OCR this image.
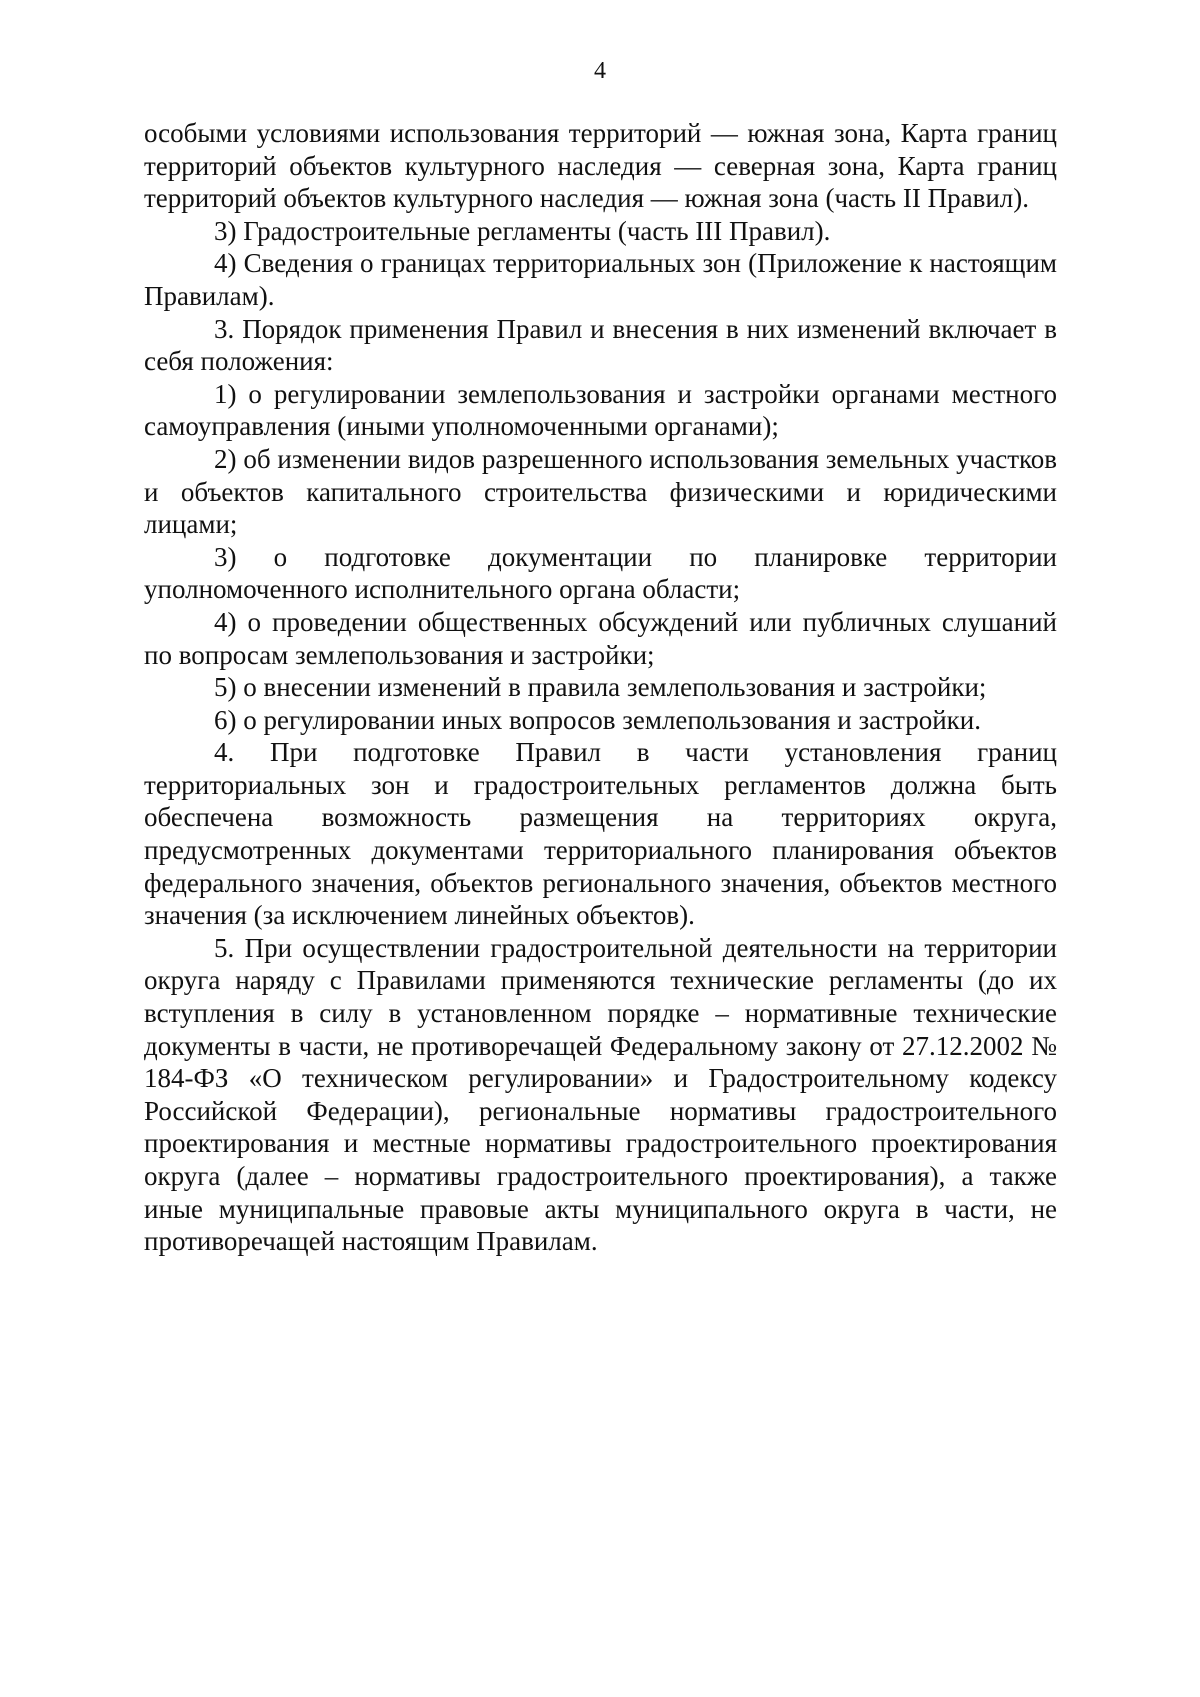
4

особыми условиями использования территорий — южная зона, Карта границ территорий объектов культурного наследия — северная зона, Карта границ территорий объектов культурного наследия — южная зона (часть II Правил).

3) Градостроительные регламенты (часть III Правил).

4) Сведения о границах территориальных зон (Приложение к настоящим Правилам).

3. Порядок применения Правил и внесения в них изменений включает в себя положения:

1) о регулировании землепользования и застройки органами местного самоуправления (иными уполномоченными органами);

2) об изменении видов разрешенного использования земельных участков и объектов капитального строительства физическими и юридическими лицами;

3) о подготовке документации по планировке территории уполномоченного исполнительного органа области;

4) о проведении общественных обсуждений или публичных слушаний по вопросам землепользования и застройки;

5) о внесении изменений в правила землепользования и застройки;

6) о регулировании иных вопросов землепользования и застройки.

4. При подготовке Правил в части установления границ территориальных зон и градостроительных регламентов должна быть обеспечена возможность размещения на территориях округа, предусмотренных документами территориального планирования объектов федерального значения, объектов регионального значения, объектов местного значения (за исключением линейных объектов).

5. При осуществлении градостроительной деятельности на территории округа наряду с Правилами применяются технические регламенты (до их вступления в силу в установленном порядке – нормативные технические документы в части, не противоречащей Федеральному закону от 27.12.2002 № 184-ФЗ «О техническом регулировании» и Градостроительному кодексу Российской Федерации), региональные нормативы градостроительного проектирования и местные нормативы градостроительного проектирования округа (далее – нормативы градостроительного проектирования), а также иные муниципальные правовые акты муниципального округа в части, не противоречащей настоящим Правилам.
